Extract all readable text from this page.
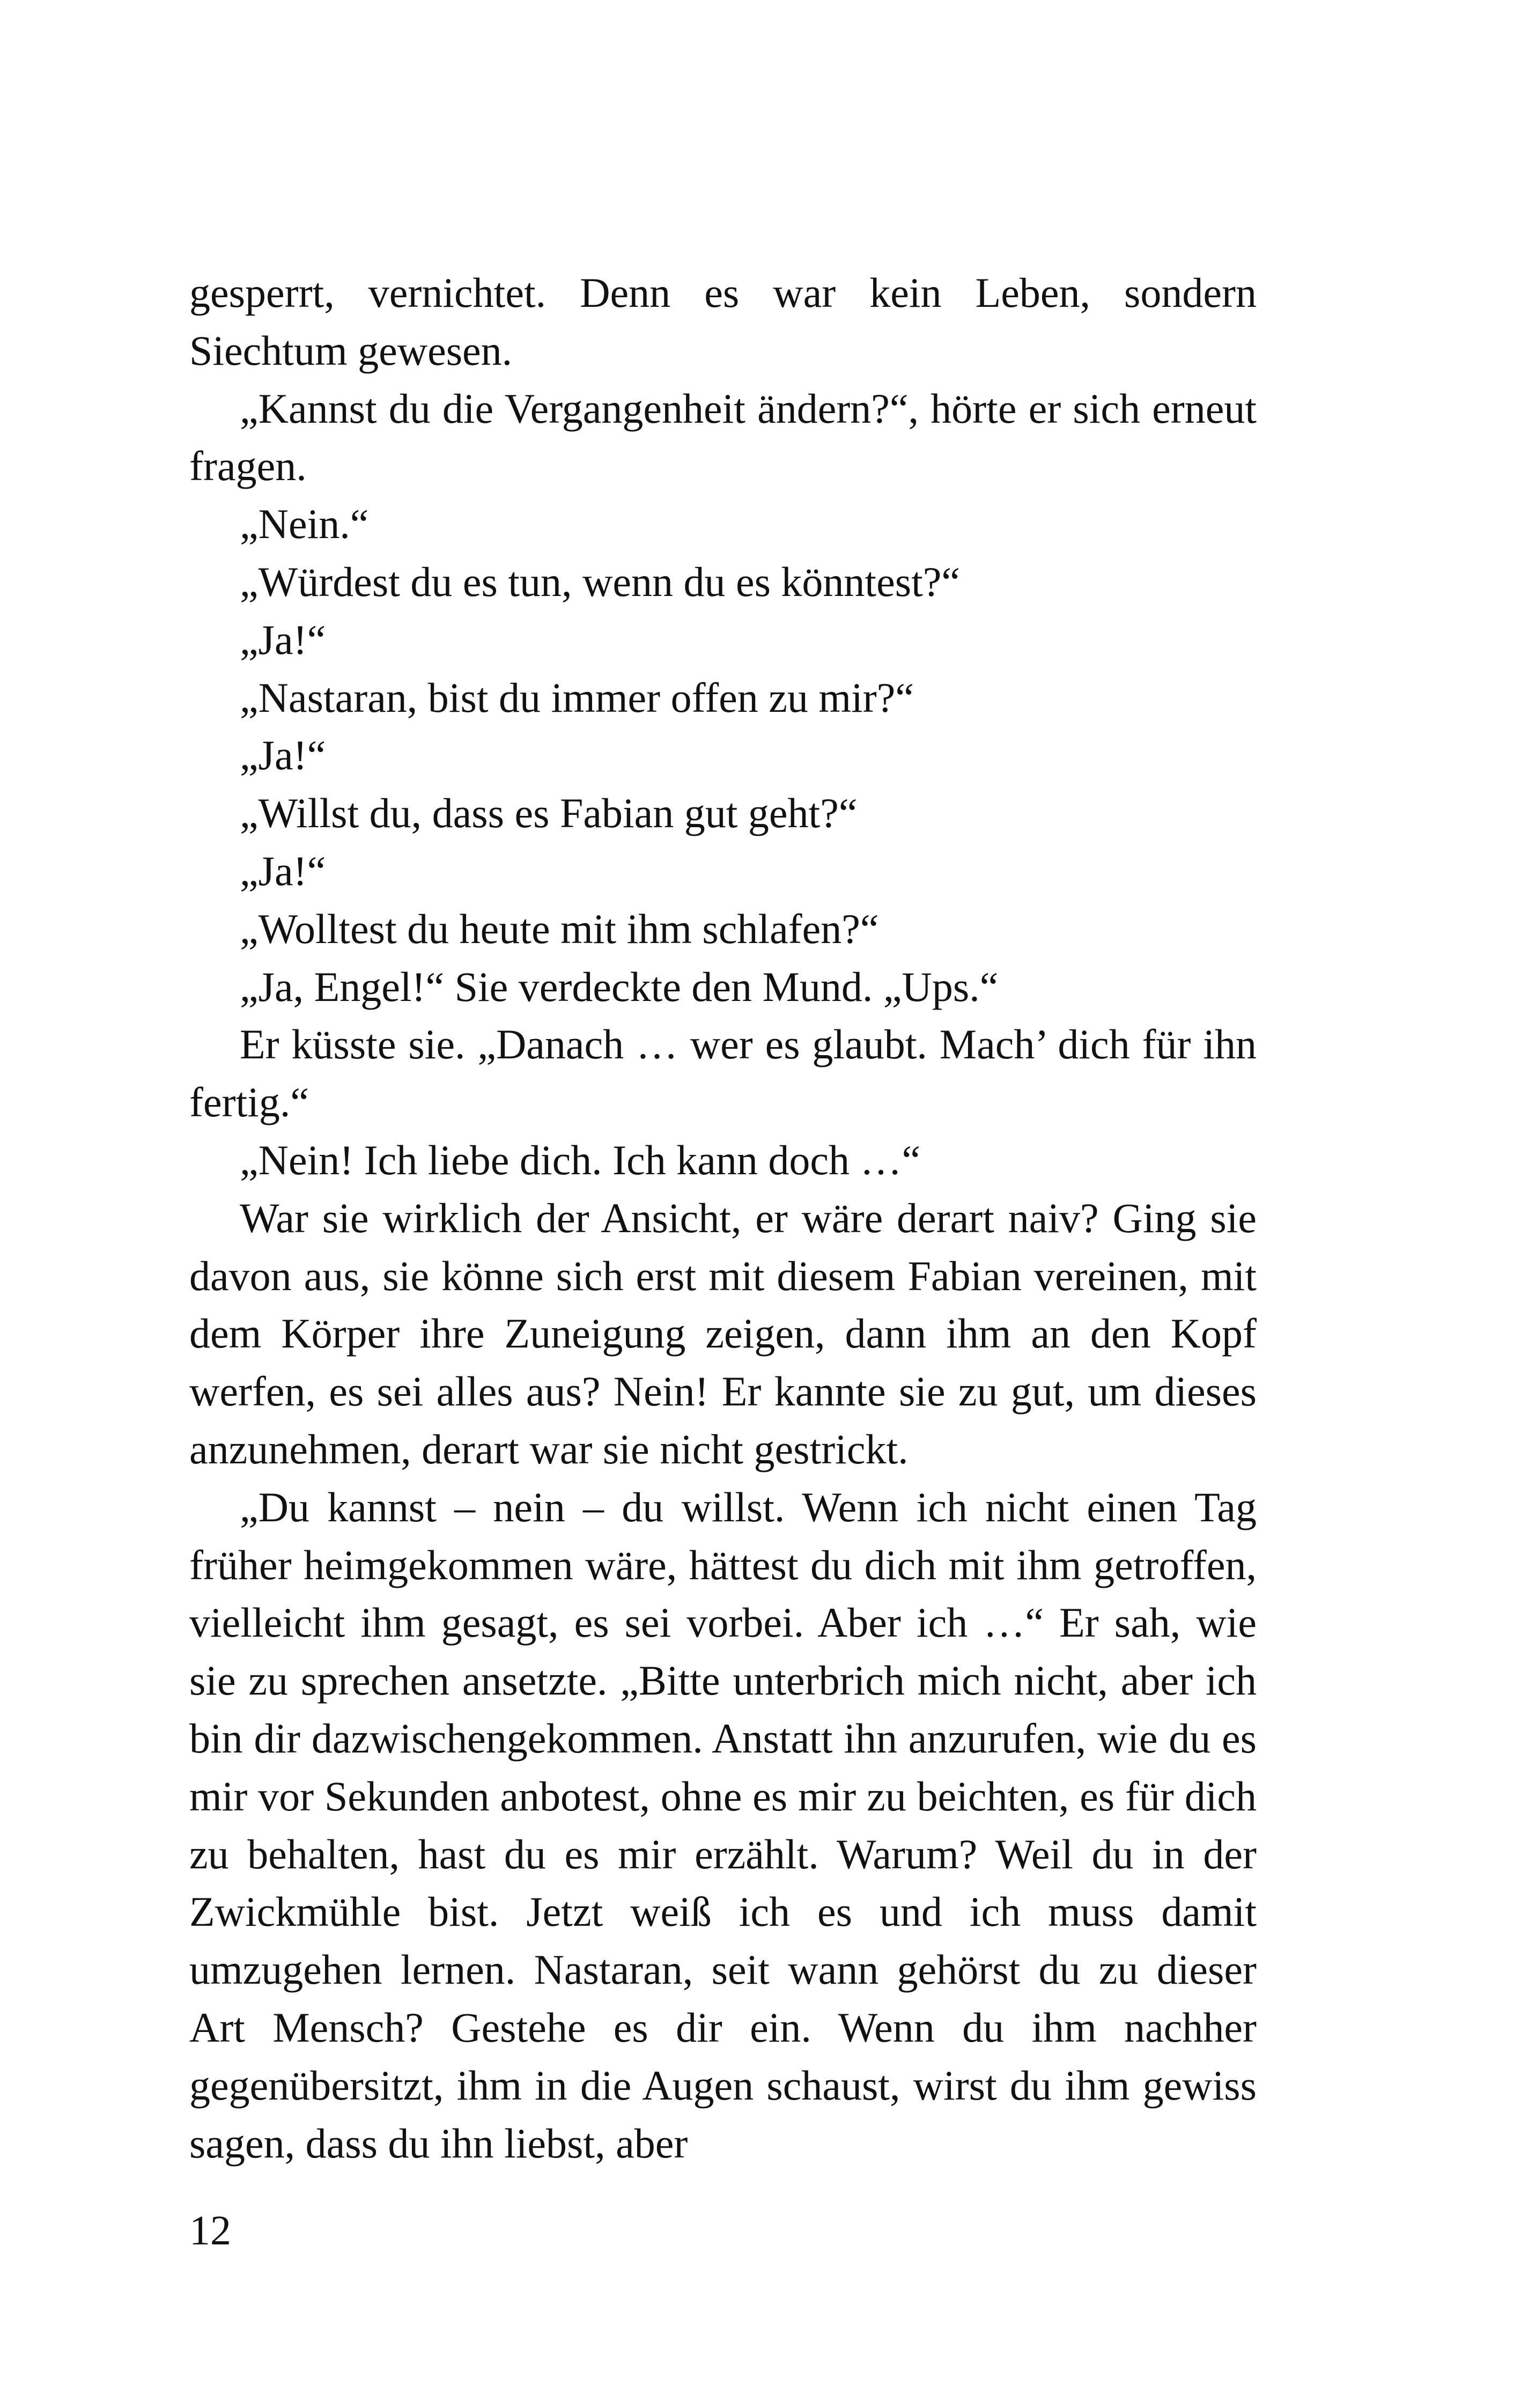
gesperrt, vernichtet. Denn es war kein Leben, sondern Siechtum gewesen.

„Kannst du die Vergangenheit ändern?“, hörte er sich erneut fragen.

„Nein.“

„Würdest du es tun, wenn du es könntest?“

„Ja!“

„Nastaran, bist du immer offen zu mir?“

„Ja!“

„Willst du, dass es Fabian gut geht?“

„Ja!“

„Wolltest du heute mit ihm schlafen?“

„Ja, Engel!“ Sie verdeckte den Mund. „Ups.“

Er küsste sie. „Danach … wer es glaubt. Mach’ dich für ihn fertig.“

„Nein! Ich liebe dich. Ich kann doch …“

War sie wirklich der Ansicht, er wäre derart naiv? Ging sie davon aus, sie könne sich erst mit diesem Fabian vereinen, mit dem Körper ihre Zuneigung zeigen, dann ihm an den Kopf werfen, es sei alles aus? Nein! Er kannte sie zu gut, um dieses anzunehmen, derart war sie nicht gestrickt.

„Du kannst – nein – du willst. Wenn ich nicht einen Tag früher heimgekommen wäre, hättest du dich mit ihm getroffen, vielleicht ihm gesagt, es sei vorbei. Aber ich …“ Er sah, wie sie zu sprechen ansetzte. „Bitte unterbrich mich nicht, aber ich bin dir dazwischengekommen. Anstatt ihn anzurufen, wie du es mir vor Sekunden anbotest, ohne es mir zu beichten, es für dich zu behalten, hast du es mir erzählt. Warum? Weil du in der Zwickmühle bist. Jetzt weiß ich es und ich muss damit umzugehen lernen. Nastaran, seit wann gehörst du zu dieser Art Mensch? Gestehe es dir ein. Wenn du ihm nachher gegenübersitzt, ihm in die Augen schaust, wirst du ihm gewiss sagen, dass du ihn liebst, aber

12
